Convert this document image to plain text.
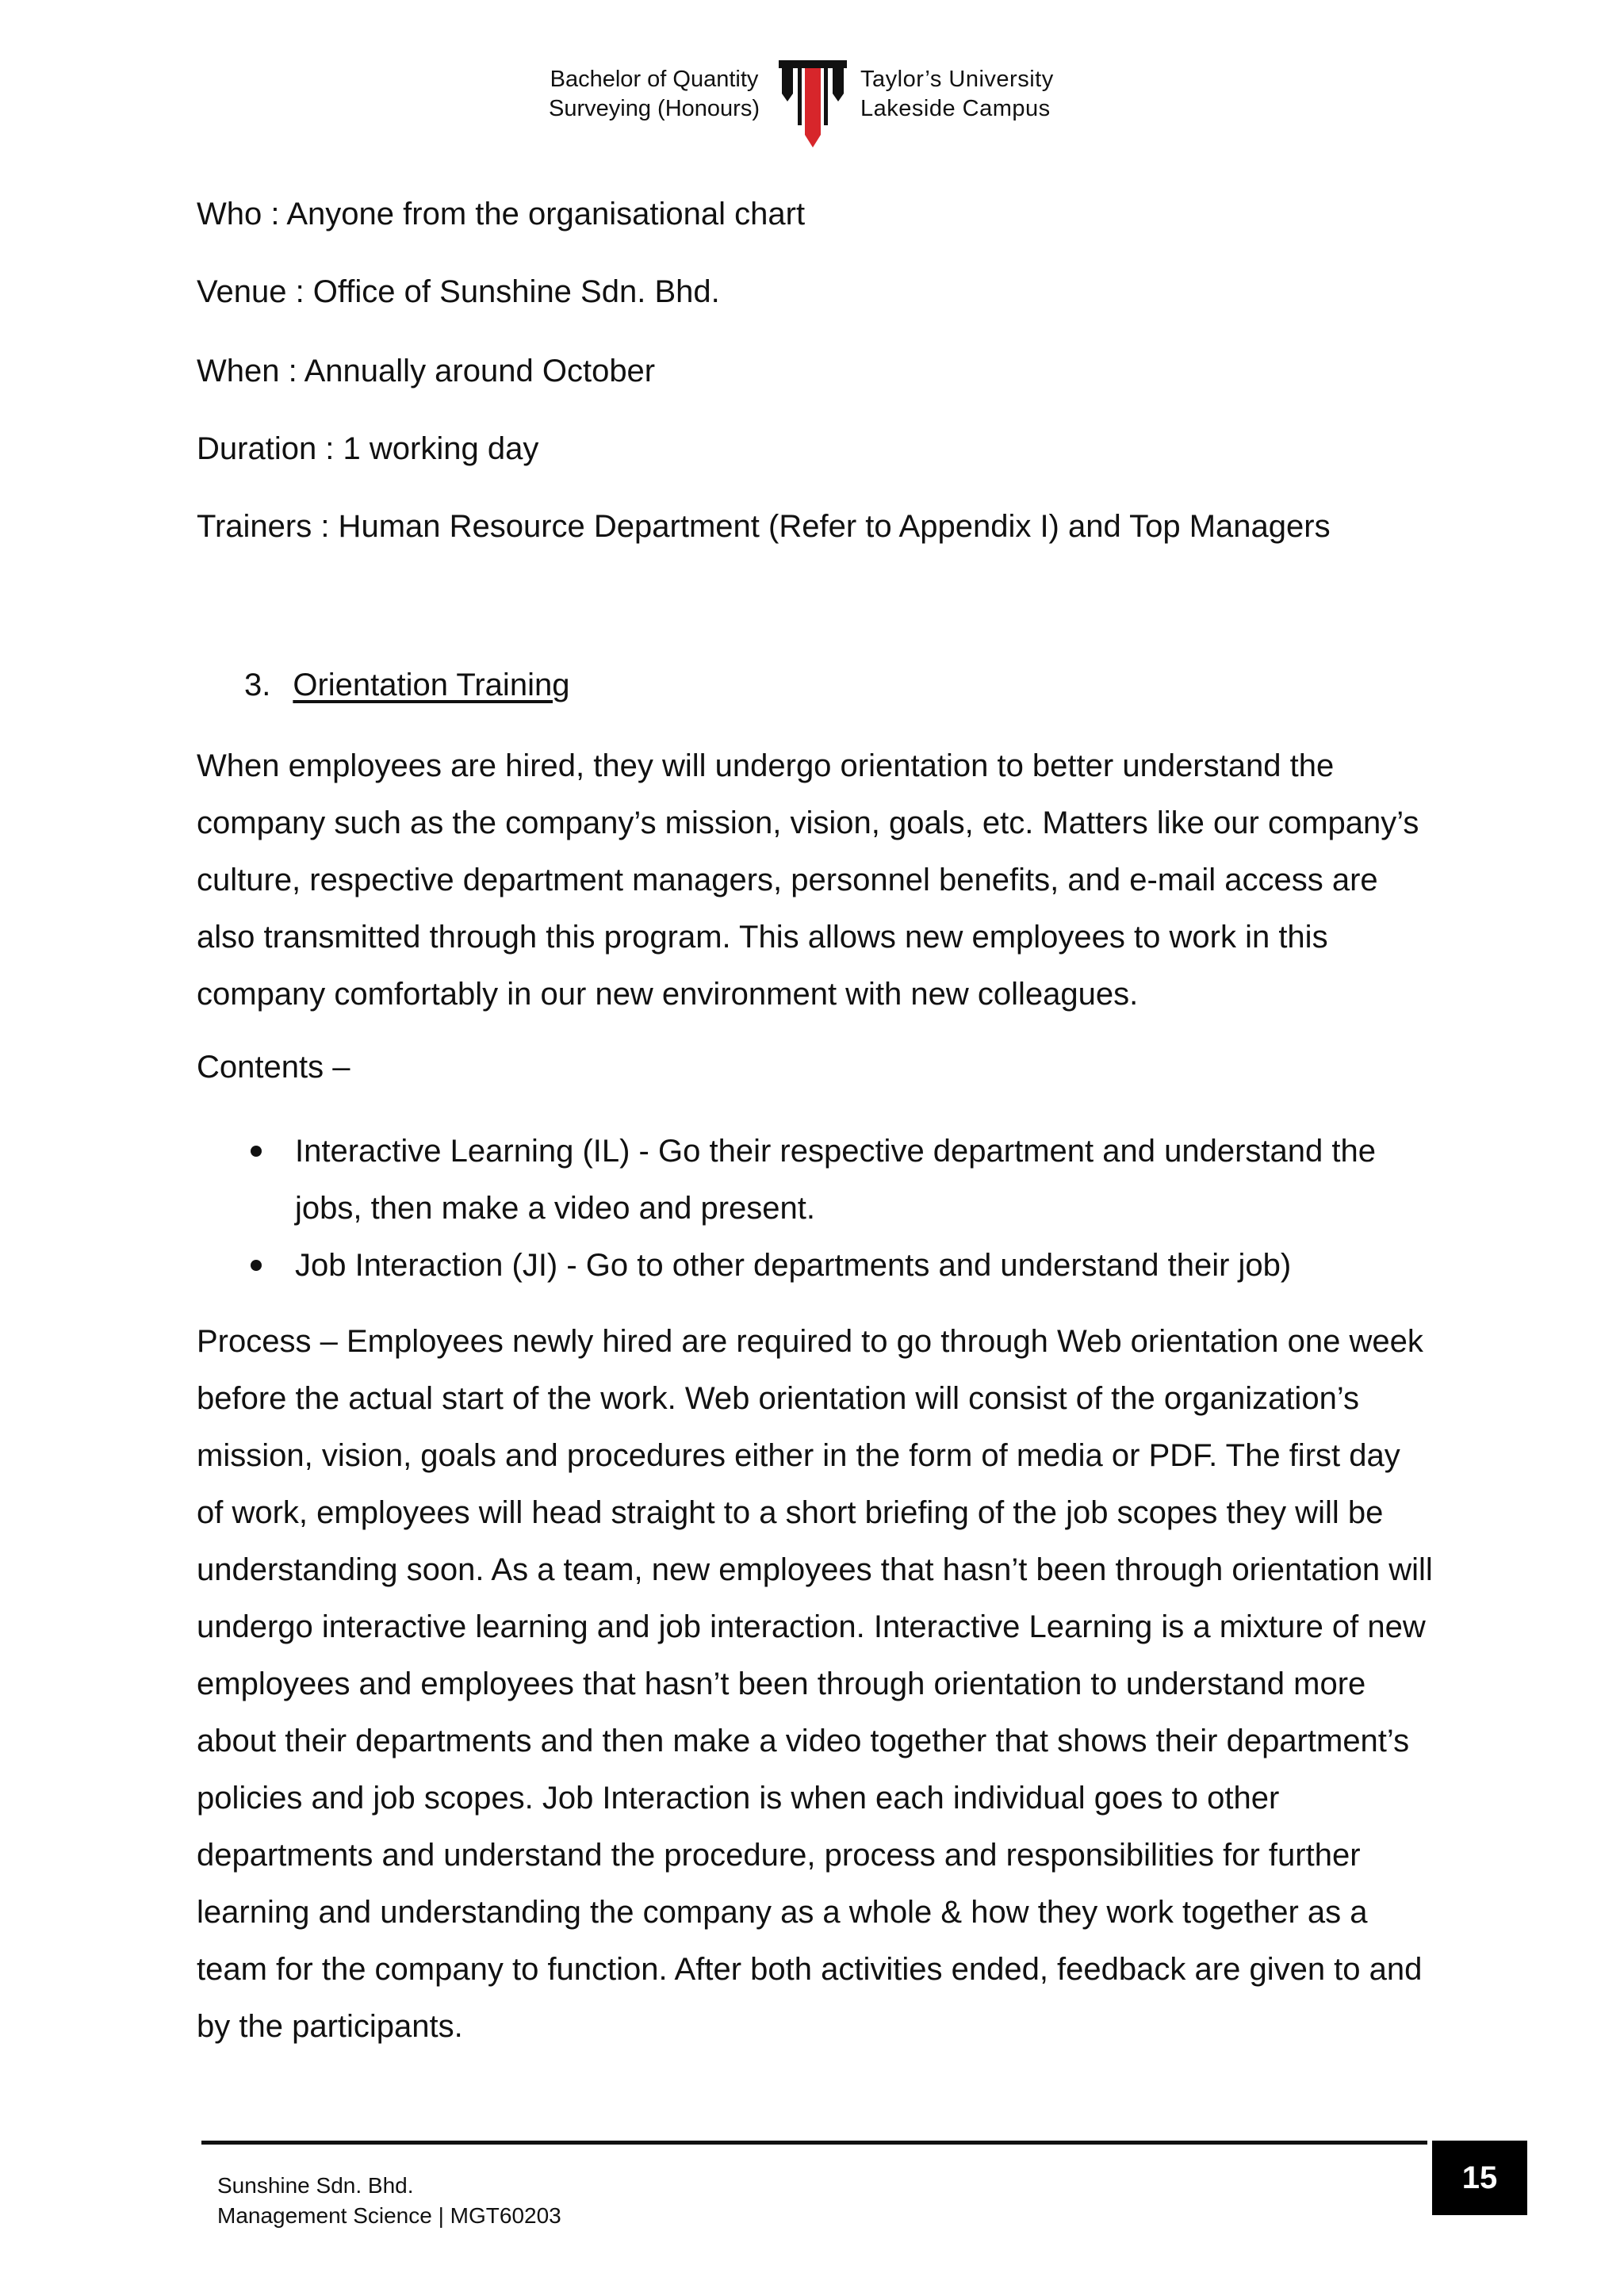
Bachelor of Quantity
Surveying (Honours)
Taylor’s University
Lakeside Campus
Who : Anyone from the organisational chart
Venue : Office of Sunshine Sdn. Bhd.
When : Annually around October
Duration : 1 working day
Trainers : Human Resource Department (Refer to Appendix I) and Top Managers
3. Orientation Training
When employees are hired, they will undergo orientation to better understand the company such as the company’s mission, vision, goals, etc. Matters like our company’s culture, respective department managers, personnel benefits, and e-mail access are also transmitted through this program. This allows new employees to work in this company comfortably in our new environment with new colleagues.
Contents –
Interactive Learning (IL) - Go their respective department and understand the jobs, then make a video and present.
Job Interaction (JI) - Go to other departments and understand their job)
Process – Employees newly hired are required to go through Web orientation one week before the actual start of the work. Web orientation will consist of the organization’s mission, vision, goals and procedures either in the form of media or PDF. The first day of work, employees will head straight to a short briefing of the job scopes they will be understanding soon. As a team, new employees that hasn’t been through orientation will undergo interactive learning and job interaction. Interactive Learning is a mixture of new employees and employees that hasn’t been through orientation to understand more about their departments and then make a video together that shows their department’s policies and job scopes. Job Interaction is when each individual goes to other departments and understand the procedure, process and responsibilities for further learning and understanding the company as a whole & how they work together as a team for the company to function. After both activities ended, feedback are given to and by the participants.
Sunshine Sdn. Bhd.
Management Science | MGT60203
15
